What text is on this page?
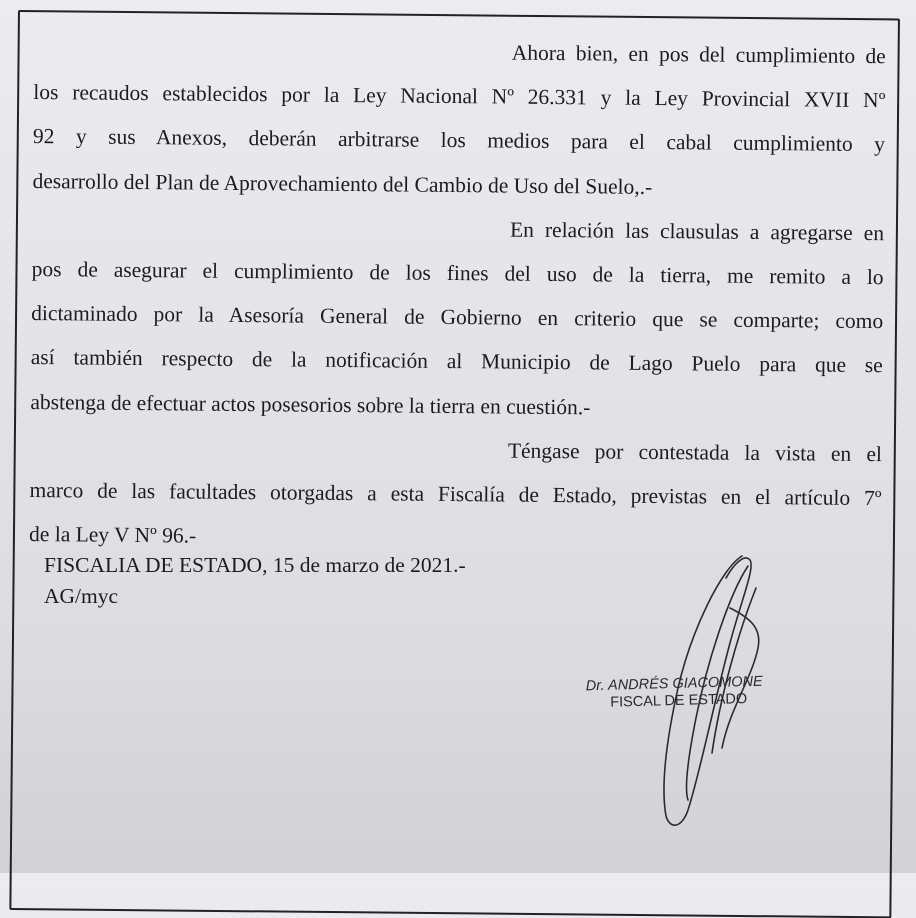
Ahora bien, en pos del cumplimiento de
los recaudos establecidos por la Ley Nacional Nº 26.331 y la Ley Provincial XVII Nº
92 y sus Anexos, deberán arbitrarse los medios para el cabal cumplimiento y
desarrollo del Plan de Aprovechamiento del Cambio de Uso del Suelo,.-
En relación las clausulas a agregarse en
pos de asegurar el cumplimiento de los fines del uso de la tierra, me remito a lo
dictaminado por la Asesoría General de Gobierno en criterio que se comparte; como
así también respecto de la notificación al Municipio de Lago Puelo para que se
abstenga de efectuar actos posesorios sobre la tierra en cuestión.-
Téngase por contestada la vista en el
marco de las facultades otorgadas a esta Fiscalía de Estado, previstas en el artículo 7º
de la Ley V Nº 96.-
FISCALIA DE ESTADO, 15 de marzo de 2021.-
AG/myc
Dr. ANDRÉS GIACOMONE
FISCAL DE ESTADO
